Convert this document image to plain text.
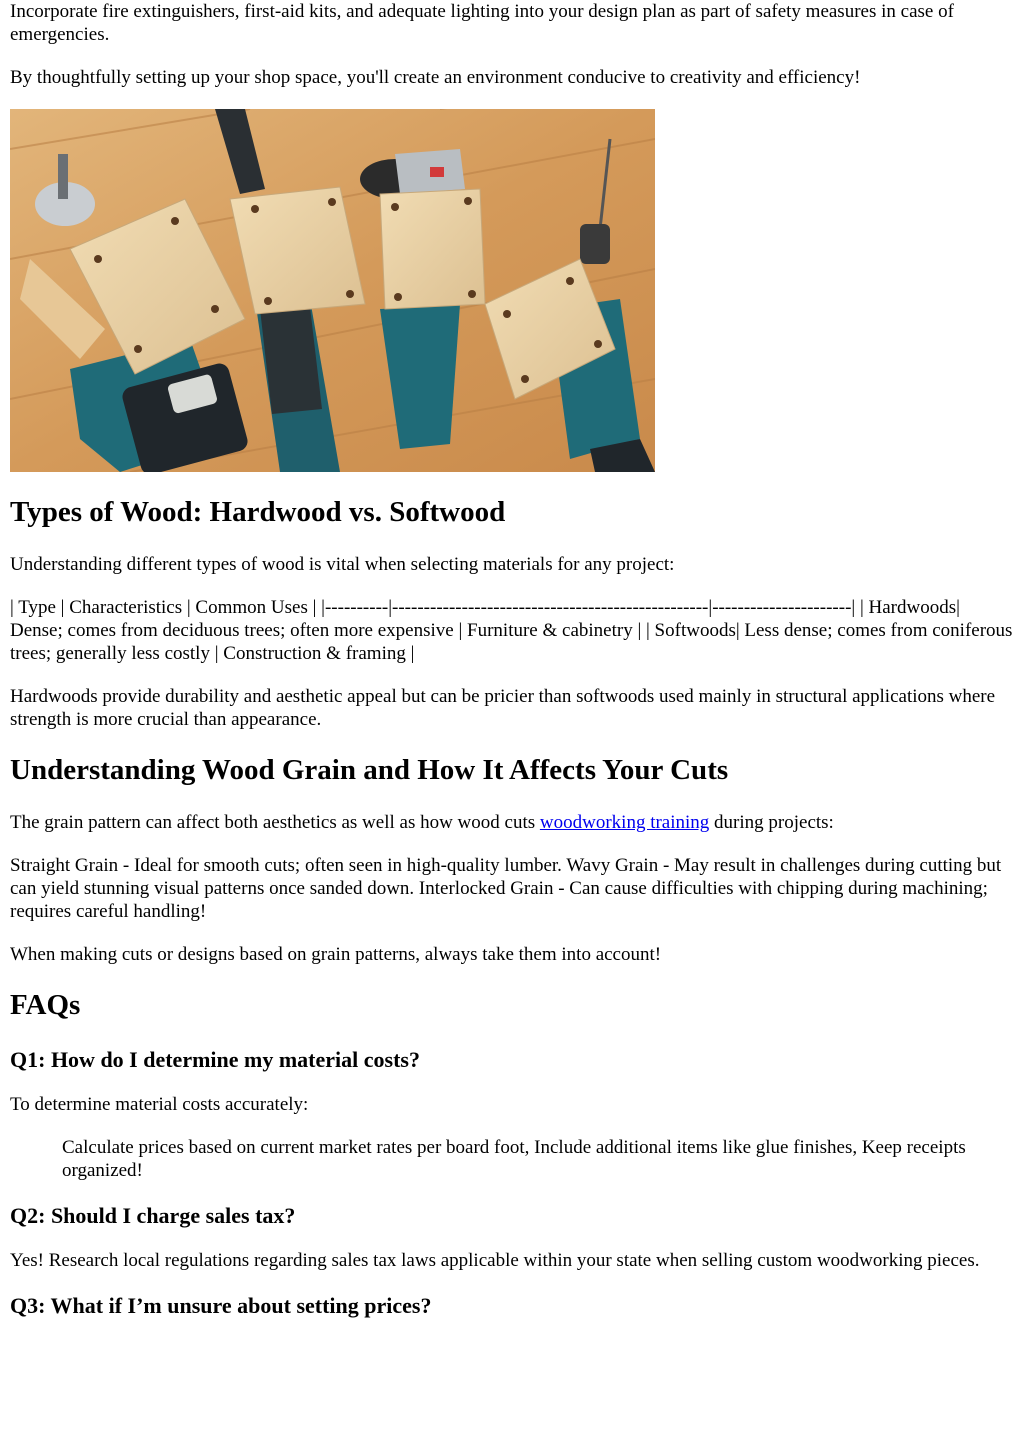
Incorporate fire extinguishers, first-aid kits, and adequate lighting into your design plan as part of safety measures in case of emergencies.

By thoughtfully setting up your shop space, you'll create an environment conducive to creativity and efficiency!

Types of Wood: Hardwood vs. Softwood

Understanding different types of wood is vital when selecting materials for any project:

| Type | Characteristics | Common Uses | |----------|--------------------------------------------------|----------------------| | Hardwoods| Dense; comes from deciduous trees; often more expensive | Furniture & cabinetry | | Softwoods| Less dense; comes from coniferous trees; generally less costly | Construction & framing |

Hardwoods provide durability and aesthetic appeal but can be pricier than softwoods used mainly in structural applications where strength is more crucial than appearance.

Understanding Wood Grain and How It Affects Your Cuts

The grain pattern can affect both aesthetics as well as how wood cuts woodworking training during projects:

Straight Grain - Ideal for smooth cuts; often seen in high-quality lumber. Wavy Grain - May result in challenges during cutting but can yield stunning visual patterns once sanded down. Interlocked Grain - Can cause difficulties with chipping during machining; requires careful handling!

When making cuts or designs based on grain patterns, always take them into account!

FAQs
Q1: How do I determine my material costs?

To determine material costs accurately:

Calculate prices based on current market rates per board foot, Include additional items like glue finishes, Keep receipts organized!
Q2: Should I charge sales tax?

Yes! Research local regulations regarding sales tax laws applicable within your state when selling custom woodworking pieces.

Q3: What if I’m unsure about setting prices?
